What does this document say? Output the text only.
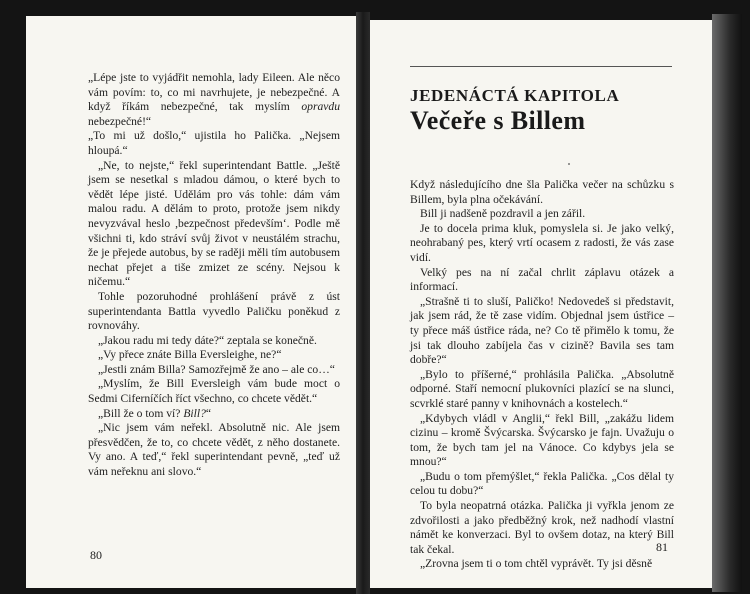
„Lépe jste to vyjádřit nemohla, lady Eileen. Ale něco vám povím: to, co mi navrhujete, je nebezpečné. A když říkám nebezpečné, tak myslím opravdu nebezpečné!“

„To mi už došlo,“ ujistila ho Palička. „Nejsem hloupá.“

„Ne, to nejste,“ řekl superintendant Battle. „Ještě jsem se nesetkal s mladou dámou, o které bych to vědět lépe jisté. Udělám pro vás tohle: dám vám malou radu. A dělám to proto, protože jsem nikdy nevyzvával heslo ,bezpečnost především‘. Podle mě všichni ti, kdo stráví svůj život v neustálém strachu, že je přejede autobus, by se raději měli tím autobusem nechat přejet a tiše zmizet ze scény. Nejsou k ničemu.“

Tohle pozoruhodné prohlášení právě z úst superintendanta Battla vyvedlo Paličku poněkud z rovnováhy.

„Jakou radu mi tedy dáte?“ zeptala se konečně.

„Vy přece znáte Billa Eversleighe, ne?“

„Jestli znám Billa? Samozřejmě že ano – ale co…“

„Myslím, že Bill Eversleigh vám bude moct o Sedmi Ciferníčích říct všechno, co chcete vědět.“

„Bill že o tom ví? Bill?“

„Nic jsem vám neřekl. Absolutně nic. Ale jsem přesvědčen, že to, co chcete vědět, z něho dostanete. Vy ano. A teď,“ řekl superintendant pevně, „teď už vám neřeknu ani slovo.“

80
JEDENÁCTÁ KAPITOLA
Večeře s Billem

Když následujícího dne šla Palička večer na schůzku s Billem, byla plna očekávání.

Bill ji nadšeně pozdravil a jen zářil.

Je to docela prima kluk, pomyslela si. Je jako velký, neohrabaný pes, který vrtí ocasem z radosti, že vás zase vidí.

Velký pes na ní začal chrlit záplavu otázek a informací.

„Strašně ti to sluší, Paličko! Nedovedeš si představit, jak jsem rád, že tě zase vidím. Objednal jsem ústřice – ty přece máš ústřice ráda, ne? Co tě přimělo k tomu, že jsi tak dlouho zabíjela čas v cizině? Bavila ses tam dobře?“

„Bylo to příšerné,“ prohlásila Palička. „Absolutně odporné. Staří nemocní plukovníci plazící se na slunci, scvrklé staré panny v knihovnách a kostelech.“

„Kdybych vládl v Anglii,“ řekl Bill, „zakážu lidem cizinu – kromě Švýcarska. Švýcarsko je fajn. Uvažuju o tom, že bych tam jel na Vánoce. Co kdybys jela se mnou?“

„Budu o tom přemýšlet,“ řekla Palička. „Cos dělal ty celou tu dobu?“

To byla neopatrná otázka. Palička ji vyřkla jenom ze zdvořilosti a jako předběžný krok, než nadhodí vlastní námět ke konverzaci. Byl to ovšem dotaz, na který Bill tak čekal.

„Zrovna jsem ti o tom chtěl vyprávět. Ty jsi děsně

81
